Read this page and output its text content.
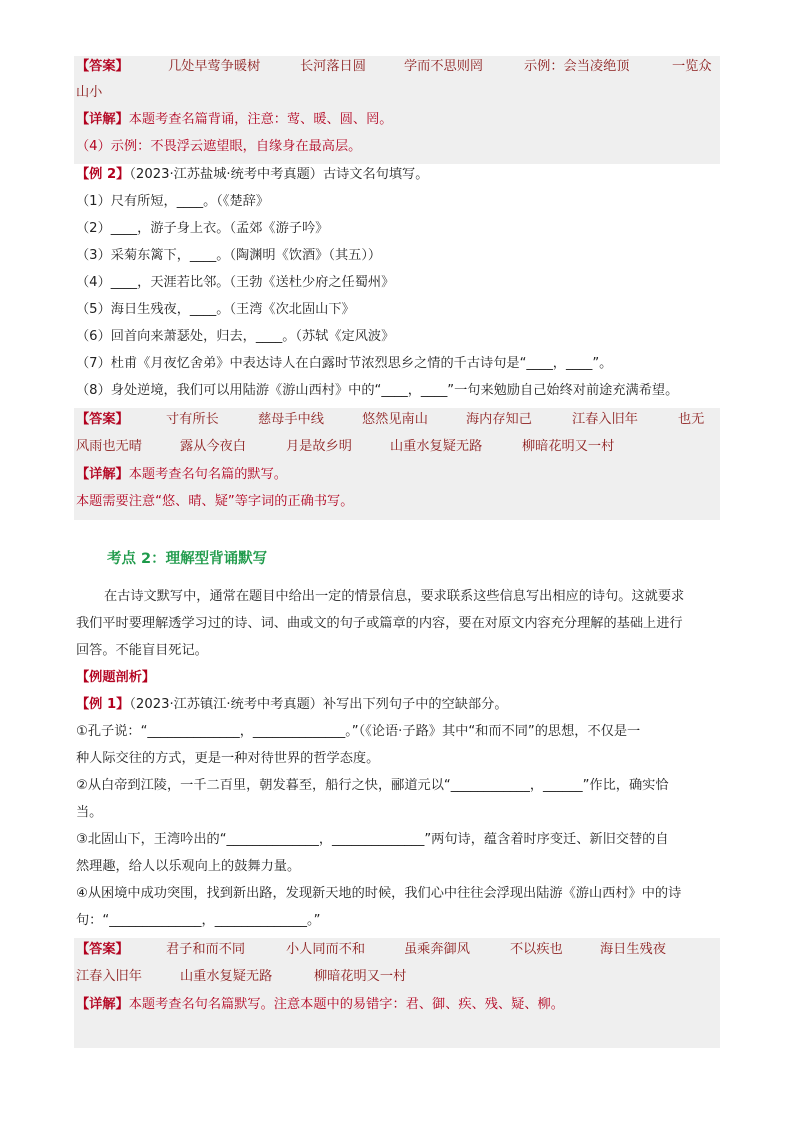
【答案】	几处早莺争暖树	长河落日圆	学而不思则罔	示例：会当凌绝顶	一览众
山小
【详解】本题考查名篇背诵，注意：莺、暖、圆、罔。
（4）示例：不畏浮云遮望眼，自缘身在最高层。
【例 2】（2023·江苏盐城·统考中考真题）古诗文名句填写。
（1）尺有所短，____。（《楚辞》
（2）____，游子身上衣。（孟郊《游子吟》
（3）采菊东篱下，____。（陶渊明《饮酒》（其五））
（4）____，天涯若比邻。（王勃《送杜少府之任蜀州》
（5）海日生残夜，____。（王湾《次北固山下》
（6）回首向来萧瑟处，归去，____。（苏轼《定风波》
（7）杜甫《月夜忆舍弟》中表达诗人在白露时节浓烈思乡之情的千古诗句是“____，____”。
（8）身处逆境，我们可以用陆游《游山西村》中的“____，____”一句来勉励自己始终对前途充满希望。
【答案】	寸有所长	慈母手中线	悠然见南山	海内存知己	江春入旧年	也无
风雨也无晴	露从今夜白	月是故乡明	山重水复疑无路	柳暗花明又一村
【详解】本题考查名句名篇的默写。
本题需要注意“悠、晴、疑”等字词的正确书写。
考点 2：理解型背诵默写
在古诗文默写中，通常在题目中给出一定的情景信息，要求联系这些信息写出相应的诗句。这就要求
我们平时要理解透学习过的诗、词、曲或文的句子或篇章的内容，要在对原文内容充分理解的基础上进行
回答。不能盲目死记。
【例题剖析】
【例 1】（2023·江苏镇江·统考中考真题）补写出下列句子中的空缺部分。
①孔子说：“______________，______________。”（《论语·子路》其中“和而不同”的思想，不仅是一
种人际交往的方式，更是一种对待世界的哲学态度。
②从白帝到江陵，一千二百里，朝发暮至，船行之快，郦道元以“____________，______”作比，确实恰
当。
③北固山下，王湾吟出的“______________，______________”两句诗，蕴含着时序变迁、新旧交替的自
然理趣，给人以乐观向上的鼓舞力量。
④从困境中成功突围，找到新出路，发现新天地的时候，我们心中往往会浮现出陆游《游山西村》中的诗
句：“______________，______________。”
【答案】	君子和而不同	小人同而不和	虽乘奔御风	不以疾也	海日生残夜
江春入旧年	山重水复疑无路	柳暗花明又一村
【详解】本题考查名句名篇默写。注意本题中的易错字：君、御、疾、残、疑、柳。
